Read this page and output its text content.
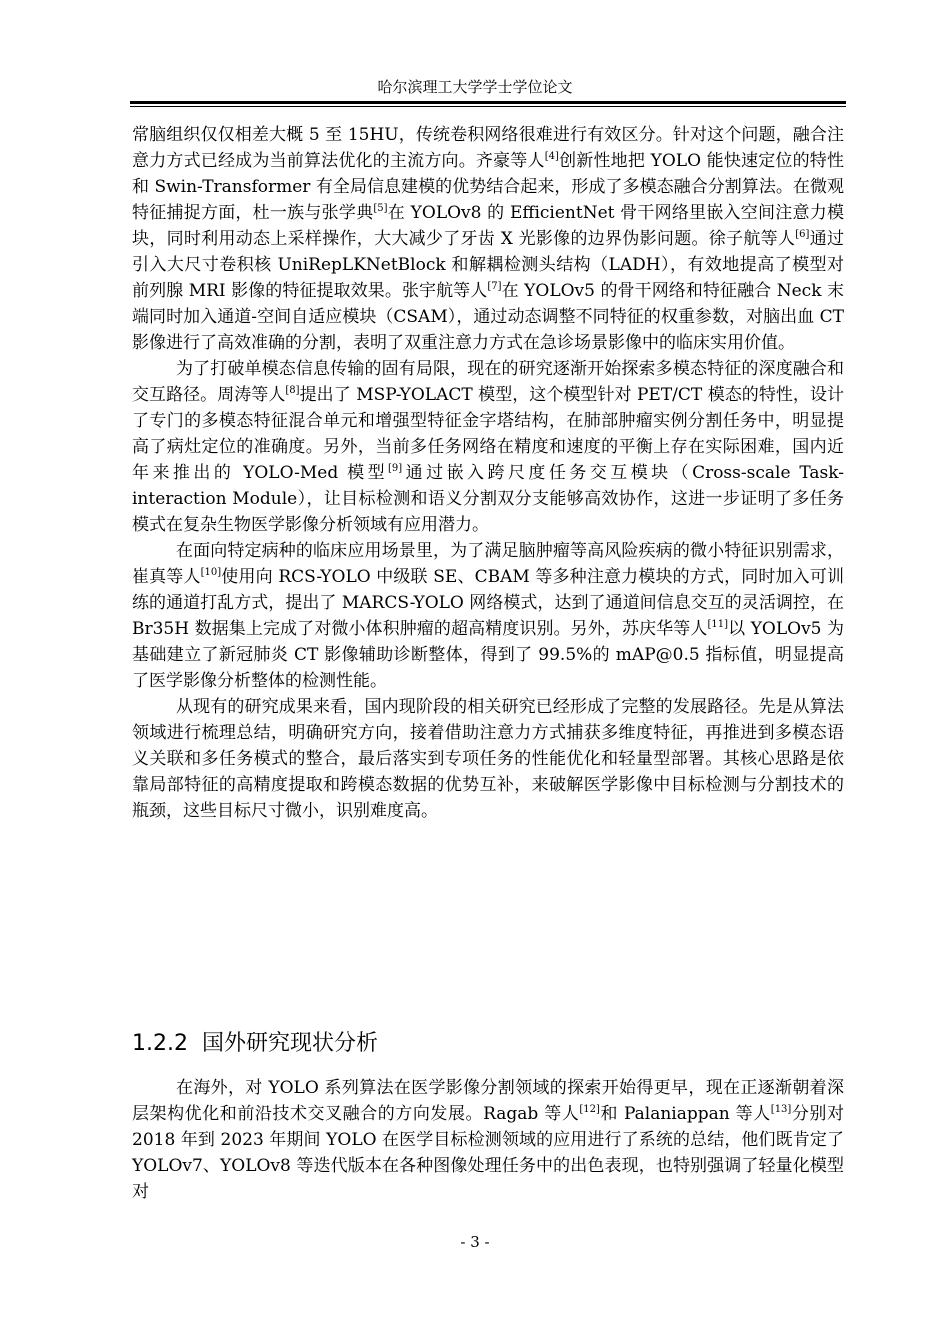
哈尔滨理工大学学士学位论文

常脑组织仅仅相差大概 5 至 15HU，传统卷积网络很难进行有效区分。针对这个问题，融合注意力方式已经成为当前算法优化的主流方向。齐豪等人[4]创新性地把 YOLO 能快速定位的特性和 Swin-Transformer 有全局信息建模的优势结合起来，形成了多模态融合分割算法。在微观特征捕捉方面，杜一族与张学典[5]在 YOLOv8 的 EfficientNet 骨干网络里嵌入空间注意力模块，同时利用动态上采样操作，大大减少了牙齿 X 光影像的边界伪影问题。徐子航等人[6]通过引入大尺寸卷积核 UniRepLKNetBlock 和解耦检测头结构（LADH），有效地提高了模型对前列腺 MRI 影像的特征提取效果。张宇航等人[7]在 YOLOv5 的骨干网络和特征融合 Neck 末端同时加入通道-空间自适应模块（CSAM），通过动态调整不同特征的权重参数，对脑出血 CT 影像进行了高效准确的分割，表明了双重注意力方式在急诊场景影像中的临床实用价值。

为了打破单模态信息传输的固有局限，现在的研究逐渐开始探索多模态特征的深度融合和交互路径。周涛等人[8]提出了 MSP-YOLACT 模型，这个模型针对 PET/CT 模态的特性，设计了专门的多模态特征混合单元和增强型特征金字塔结构，在肺部肿瘤实例分割任务中，明显提高了病灶定位的准确度。另外，当前多任务网络在精度和速度的平衡上存在实际困难，国内近年来推出的 YOLO-Med 模型[9]通过嵌入跨尺度任务交互模块（Cross-scale Task-interaction Module），让目标检测和语义分割双分支能够高效协作，这进一步证明了多任务模式在复杂生物医学影像分析领域有应用潜力。

在面向特定病种的临床应用场景里，为了满足脑肿瘤等高风险疾病的微小特征识别需求，崔真等人[10]使用向 RCS-YOLO 中级联 SE、CBAM 等多种注意力模块的方式，同时加入可训练的通道打乱方式，提出了 MARCS-YOLO 网络模式，达到了通道间信息交互的灵活调控，在 Br35H 数据集上完成了对微小体积肿瘤的超高精度识别。另外，苏庆华等人[11]以 YOLOv5 为基础建立了新冠肺炎 CT 影像辅助诊断整体，得到了 99.5%的 mAP@0.5 指标值，明显提高了医学影像分析整体的检测性能。

从现有的研究成果来看，国内现阶段的相关研究已经形成了完整的发展路径。先是从算法领域进行梳理总结，明确研究方向，接着借助注意力方式捕获多维度特征，再推进到多模态语义关联和多任务模式的整合，最后落实到专项任务的性能优化和轻量型部署。其核心思路是依靠局部特征的高精度提取和跨模态数据的优势互补，来破解医学影像中目标检测与分割技术的瓶颈，这些目标尺寸微小，识别难度高。

1.2.2 国外研究现状分析

在海外，对 YOLO 系列算法在医学影像分割领域的探索开始得更早，现在正逐渐朝着深层架构优化和前沿技术交叉融合的方向发展。Ragab 等人[12]和 Palaniappan 等人[13]分别对 2018 年到 2023 年期间 YOLO 在医学目标检测领域的应用进行了系统的总结，他们既肯定了 YOLOv7、YOLOv8 等迭代版本在各种图像处理任务中的出色表现，也特别强调了轻量化模型对

- 3 -
